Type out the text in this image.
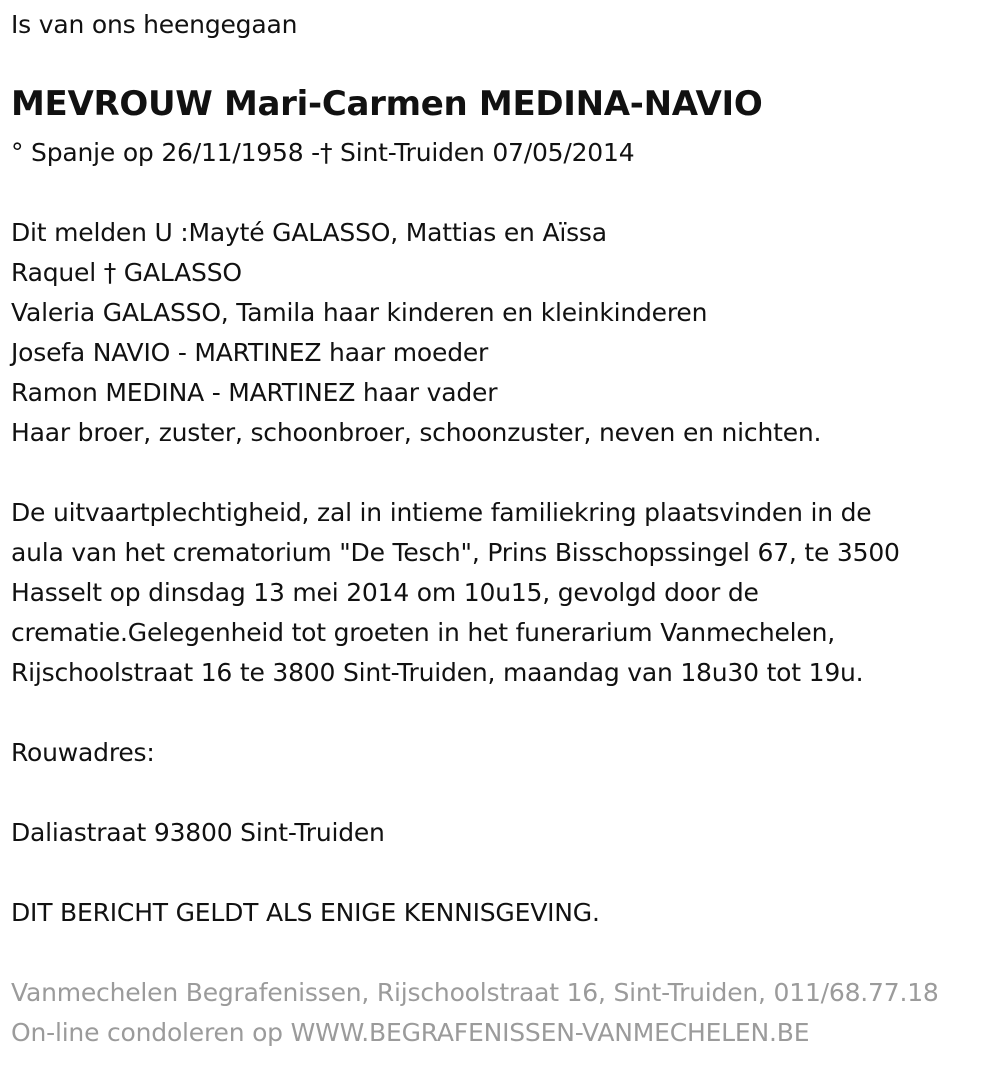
Is van ons heengegaan
MEVROUW Mari-Carmen MEDINA-NAVIO
° Spanje op 26/11/1958 -† Sint-Truiden 07/05/2014
Dit melden U :Mayté GALASSO, Mattias en Aïssa
Raquel † GALASSO
Valeria GALASSO, Tamila haar kinderen en kleinkinderen
Josefa NAVIO - MARTINEZ haar moeder
Ramon MEDINA - MARTINEZ haar vader
Haar broer, zuster, schoonbroer, schoonzuster, neven en nichten.
De uitvaartplechtigheid, zal in intieme familiekring plaatsvinden in de
aula van het crematorium "De Tesch", Prins Bisschopssingel 67, te 3500
Hasselt op dinsdag 13 mei 2014 om 10u15, gevolgd door de
crematie.Gelegenheid tot groeten in het funerarium Vanmechelen,
Rijschoolstraat 16 te 3800 Sint-Truiden, maandag van 18u30 tot 19u.
Rouwadres:
Daliastraat 93800 Sint-Truiden
DIT BERICHT GELDT ALS ENIGE KENNISGEVING.
Vanmechelen Begrafenissen, Rijschoolstraat 16, Sint-Truiden, 011/68.77.18
On-line condoleren op WWW.BEGRAFENISSEN-VANMECHELEN.BE
